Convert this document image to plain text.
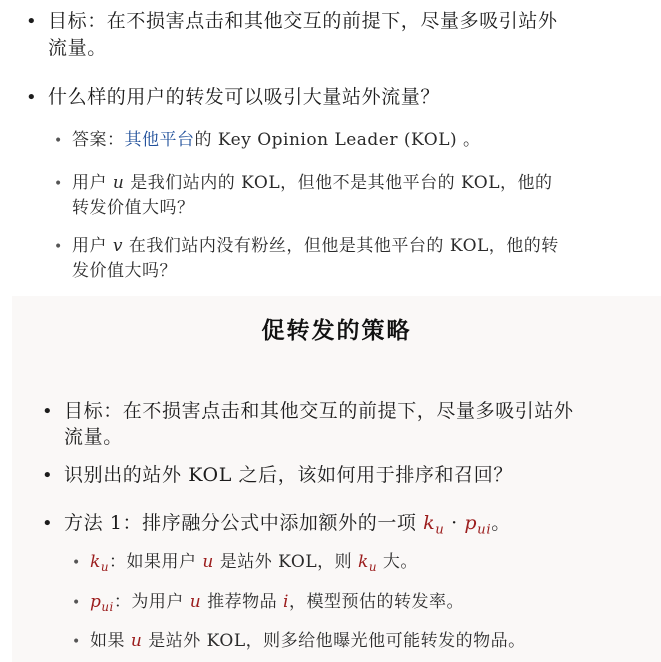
• 目标：在不损害点击和其他交互的前提下，尽量多吸引站外
流量。
• 什么样的用户的转发可以吸引大量站外流量？
• 答案：其他平台的 Key Opinion Leader (KOL) 。
• 用户 u 是我们站内的 KOL，但他不是其他平台的 KOL，他的
转发价值大吗？
• 用户 v 在我们站内没有粉丝，但他是其他平台的 KOL，他的转
发价值大吗？
促转发的策略
• 目标：在不损害点击和其他交互的前提下，尽量多吸引站外
流量。
• 识别出的站外 KOL 之后，该如何用于排序和召回？
• 方法 1：排序融分公式中添加额外的一项 $k_u \cdot p_{ui}$。
• $k_u$：如果用户 u 是站外 KOL，则 $k_u$ 大。
• $p_{ui}$：为用户 u 推荐物品 i，模型预估的转发率。
• 如果 u 是站外 KOL，则多给他曝光他可能转发的物品。
